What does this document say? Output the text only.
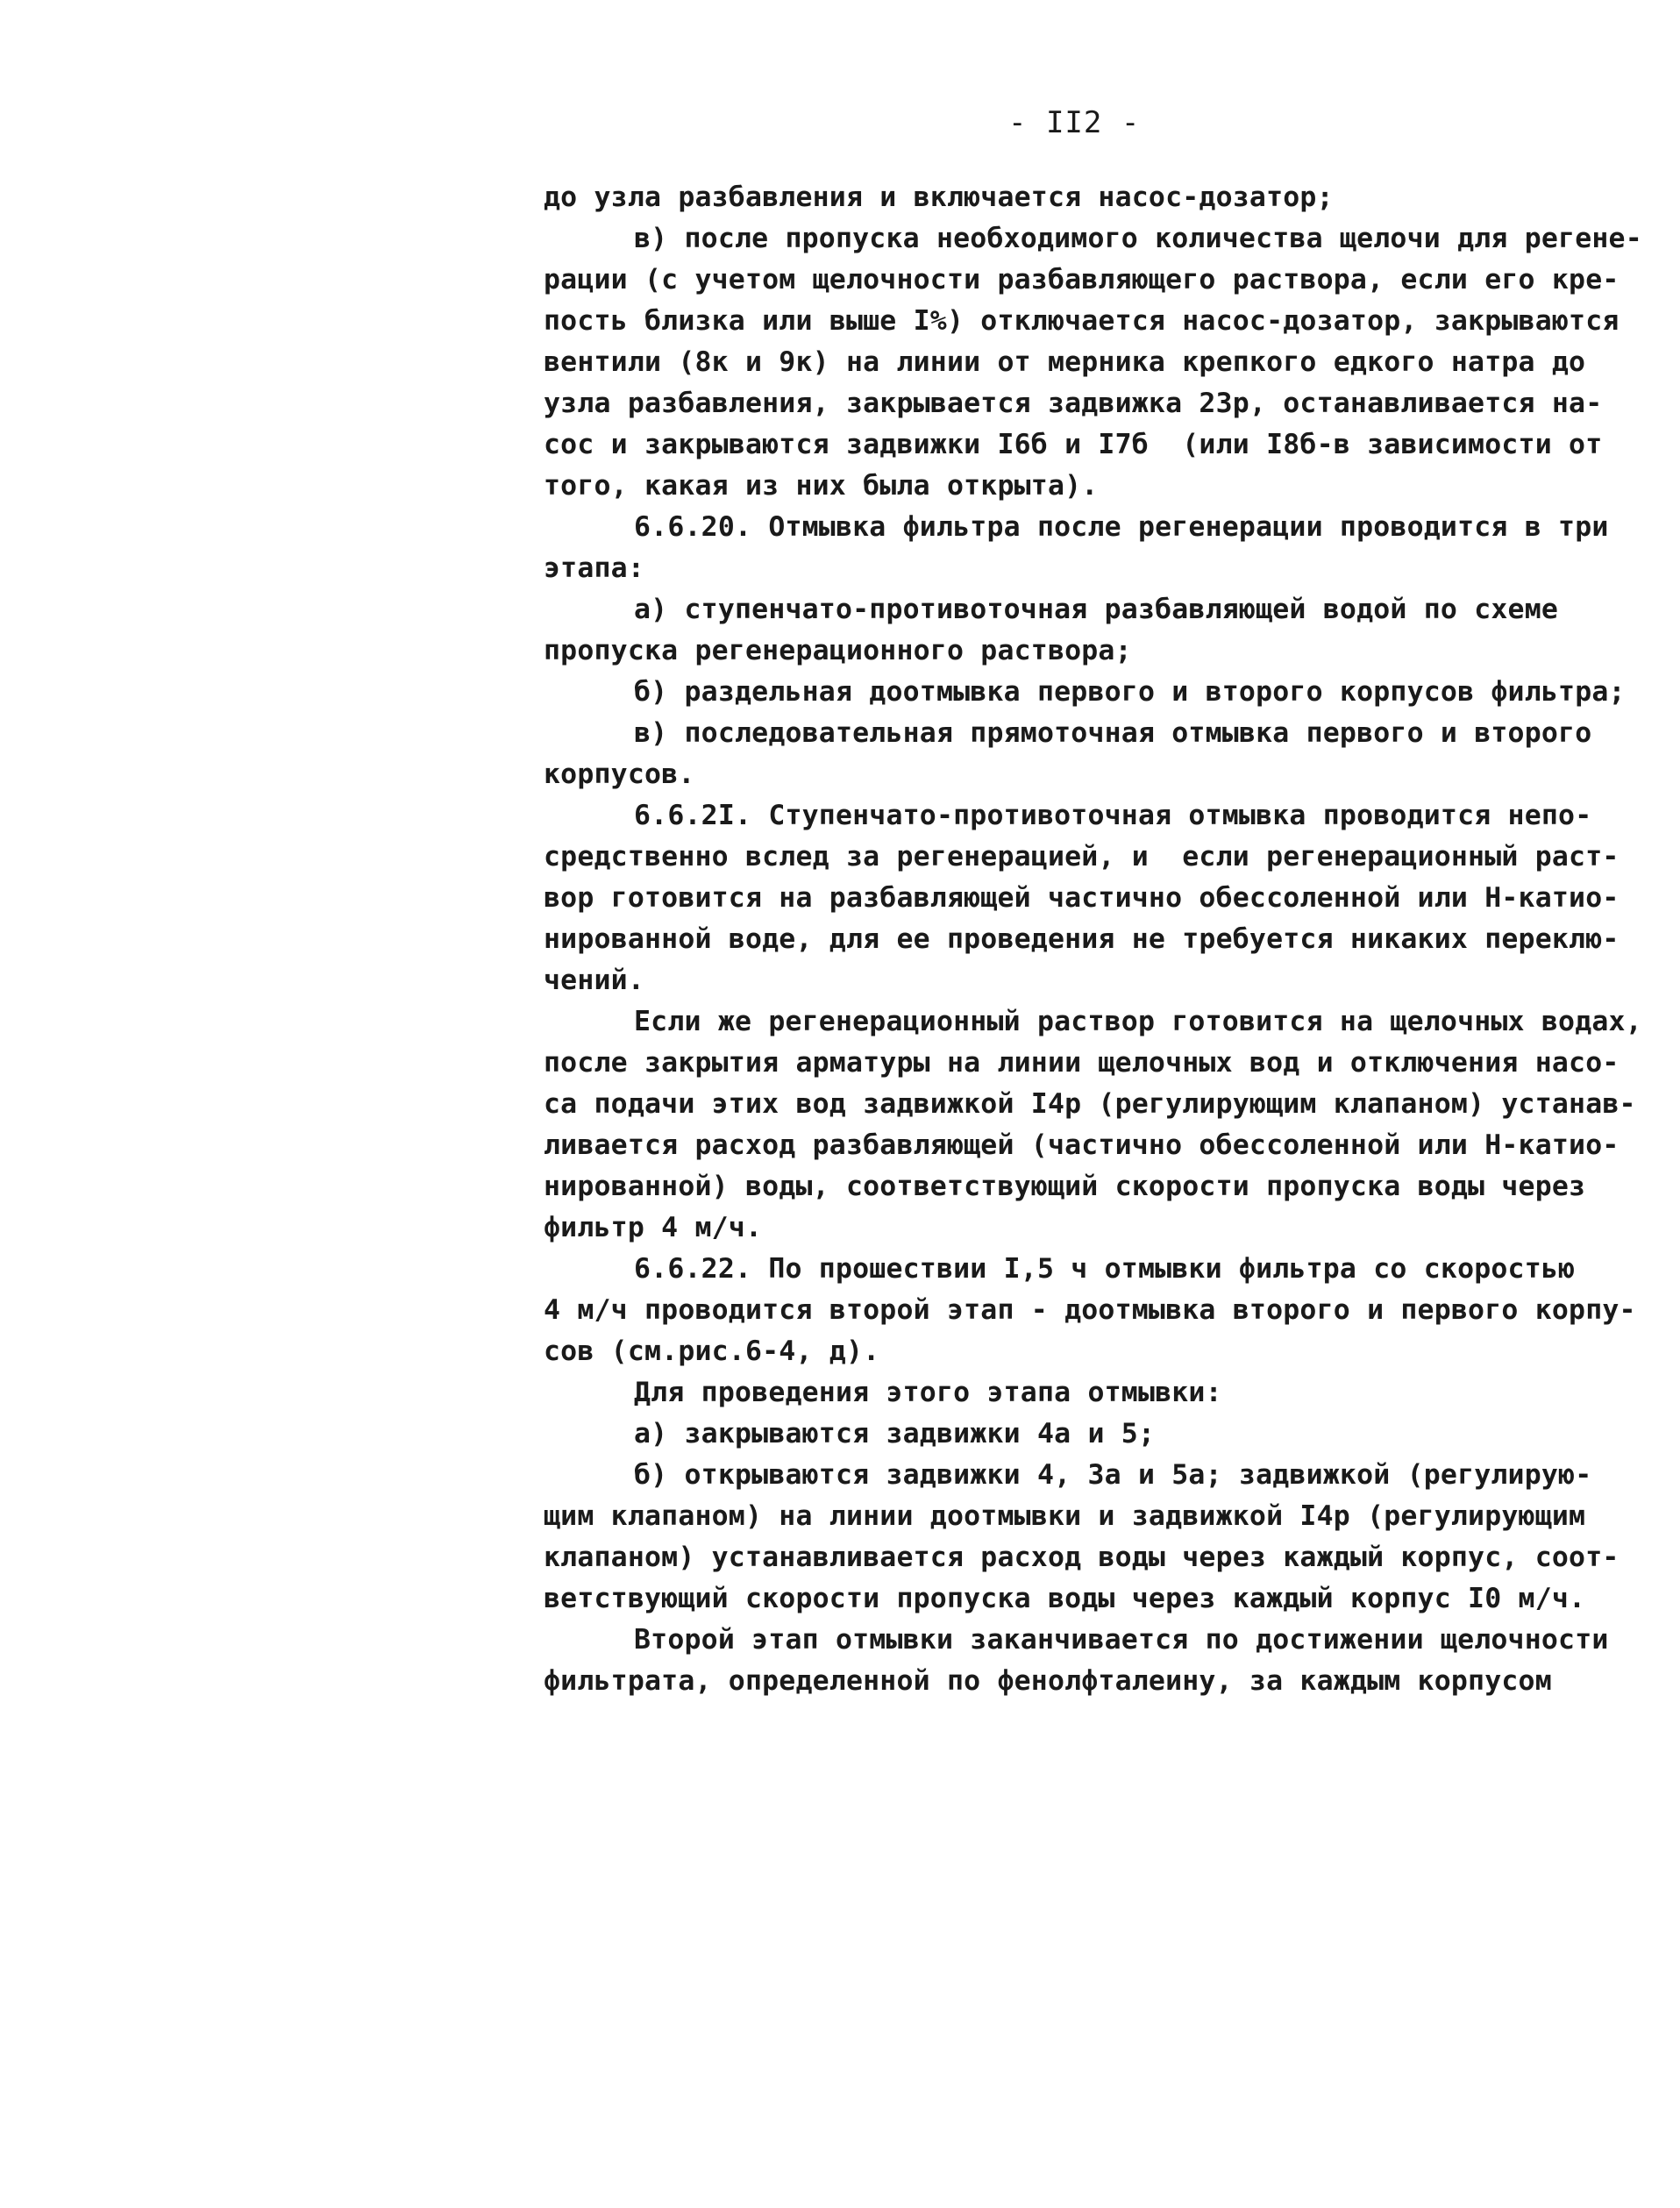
- II2 -
до узла разбавления и включается насос-дозатор;
в) после пропуска необходимого количества щелочи для регене-
рации (с учетом щелочности разбавляющего раствора, если его кре-
пость близка или выше I%) отключается насос-дозатор, закрываются
вентили (8к и 9к) на линии от мерника крепкого едкого натра до
узла разбавления, закрывается задвижка 23р, останавливается на-
сос и закрываются задвижки I6б и I7б  (или I8б-в зависимости от
того, какая из них была открыта).
6.6.20. Отмывка фильтра после регенерации проводится в три
этапа:
а) ступенчато-противоточная разбавляющей водой по схеме
пропуска регенерационного раствора;
б) раздельная доотмывка первого и второго корпусов фильтра;
в) последовательная прямоточная отмывка первого и второго
корпусов.
6.6.2I. Ступенчато-противоточная отмывка проводится непо-
средственно вслед за регенерацией, и  если регенерационный раст-
вор готовится на разбавляющей частично обессоленной или Н-катио-
нированной воде, для ее проведения не требуется никаких переклю-
чений.
Если же регенерационный раствор готовится на щелочных водах,
после закрытия арматуры на линии щелочных вод и отключения насо-
са подачи этих вод задвижкой I4р (регулирующим клапаном) устанав-
ливается расход разбавляющей (частично обессоленной или Н-катио-
нированной) воды, соответствующий скорости пропуска воды через
фильтр 4 м/ч.
6.6.22. По прошествии I,5 ч отмывки фильтра со скоростью
4 м/ч проводится второй этап - доотмывка второго и первого корпу-
сов (см.рис.6-4, д).
Для проведения этого этапа отмывки:
а) закрываются задвижки 4а и 5;
б) открываются задвижки 4, 3а и 5а; задвижкой (регулирую-
щим клапаном) на линии доотмывки и задвижкой I4р (регулирующим
клапаном) устанавливается расход воды через каждый корпус, соот-
ветствующий скорости пропуска воды через каждый корпус I0 м/ч.
Второй этап отмывки заканчивается по достижении щелочности
фильтрата, определенной по фенолфталеину, за каждым корпусом
